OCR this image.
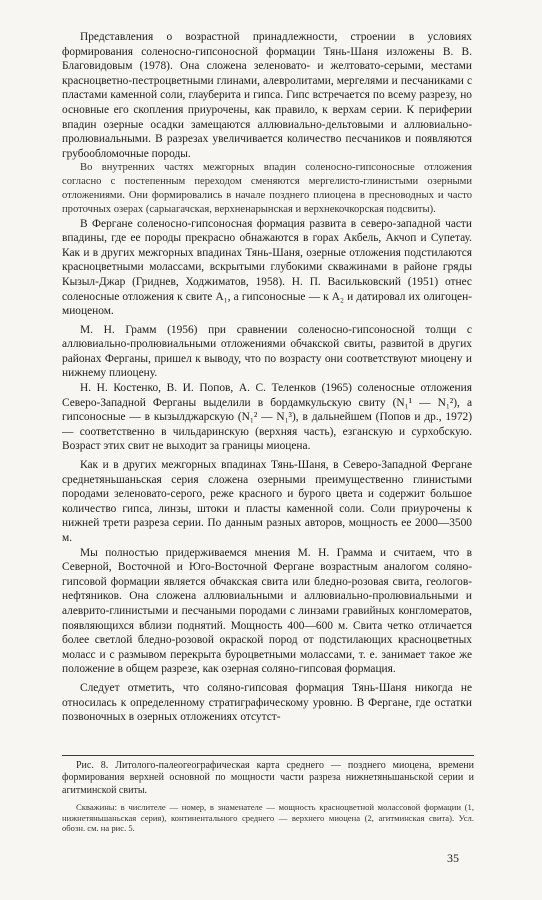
Представления о возрастной принадлежности, строении в условиях формирования соленосно-гипсоносной формации Тянь-Шаня изложены В. В. Благовидовым (1978). Она сложена зеленовато- и желтовато-серыми, местами красноцветно-пестроцветными глинами, алевролитами, мергелями и песчаниками с пластами каменной соли, глауберита и гипса. Гипс встречается по всему разрезу, но основные его скопления приурочены, как правило, к верхам серии. К периферии впадин озерные осадки замещаются аллювиально-дельтовыми и аллювиально-пролювиальными. В разрезах увеличивается количество песчаников и появляются грубообломочные породы.

Во внутренних частях межгорных впадин соленосно-гипсоносные отложения согласно с постепенным переходом сменяются мергелисто-глинистыми озерными отложениями. Они формировались в начале позднего плиоцена в пресноводных и часто проточных озерах (сарыагачская, верхненарынская и верхнекочкорская подсвиты).

В Фергане соленосно-гипсоносная формация развита в северо-западной части впадины, где ее породы прекрасно обнажаются в горах Акбель, Акчоп и Супетау. Как и в других межгорных впадинах Тянь-Шаня, озерные отложения подстилаются красноцветными молассами, вскрытыми глубокими скважинами в районе гряды Кызыл-Джар (Гриднев, Ходжиматов, 1958). Н. П. Васильковский (1951) отнес соленосные отложения к свите A₁, а гипсоносные — к A₂ и датировал их олигоцен-миоценом.

М. Н. Грамм (1956) при сравнении соленосно-гипсоносной толщи с аллювиально-пролювиальными отложениями обчакской свиты, развитой в других районах Ферганы, пришел к выводу, что по возрасту они соответствуют миоцену и нижнему плиоцену.

Н. Н. Костенко, В. И. Попов, А. С. Теленков (1965) соленосные отложения Северо-Западной Ферганы выделили в бордамкульскую свиту (N₁¹ — N₁²), а гипсоносные — в кызылджарскую (N₁² — N₁³), в дальнейшем (Попов и др., 1972) — соответственно в чильдаринскую (верхняя часть), езганскую и сурхобскую. Возраст этих свит не выходит за границы миоцена.

Как и в других межгорных впадинах Тянь-Шаня, в Северо-Западной Фергане среднетяньшаньская серия сложена озерными преимущественно глинистыми породами зеленовато-серого, реже красного и бурого цвета и содержит большое количество гипса, линзы, штоки и пласты каменной соли. Соли приурочены к нижней трети разреза серии. По данным разных авторов, мощность ее 2000—3500 м.

Мы полностью придерживаемся мнения М. Н. Грамма и считаем, что в Северной, Восточной и Юго-Восточной Фергане возрастным аналогом соляно-гипсовой формации является обчакская свита или бледно-розовая свита, геологов-нефтяников. Она сложена аллювиальными и аллювиально-пролювиальными и алеврито-глинистыми и песчаными породами с линзами гравийных конгломератов, появляющихся вблизи поднятий. Мощность 400—600 м. Свита четко отличается более светлой бледно-розовой окраской пород от подстилающих красноцветных моласс и с размывом перекрыта буроцветными молассами, т. е. занимает такое же положение в общем разрезе, как озерная соляно-гипсовая формация.

Следует отметить, что соляно-гипсовая формация Тянь-Шаня никогда не относилась к определенному стратиграфическому уровню. В Фергане, где остатки позвоночных в озерных отложениях отсутст-

Рис. 8. Литолого-палеогеографическая карта среднего — позднего миоцена, времени формирования верхней основной по мощности части разреза нижнетяньшаньской серии и агитминской свиты.

Скважины: в числителе — номер, в знаменателе — мощность красноцветной молассовой формации (1, нижнетяньшаньская серия), континентального среднего — верхнего миоцена (2, агитминская свита). Усл. обозн. см. на рис. 5.

35
